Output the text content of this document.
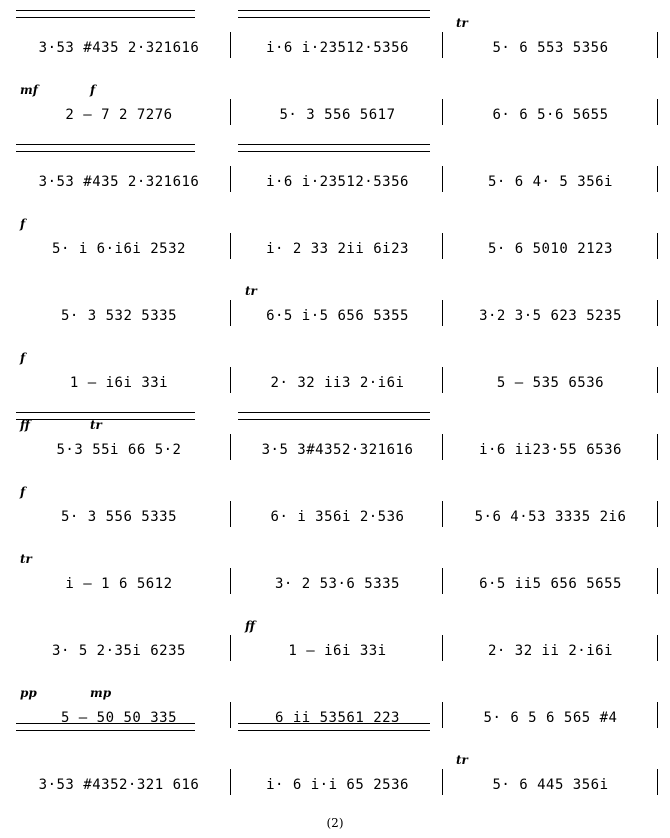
3·53 #435 2·321616	i·6 i·23512·5356	5· 6 553 5356
tr
2 – 7 2 7276	5· 3 556 5617	6· 6 5·6 5655
mf	f
3·53 #435 2·321616	i·6 i·23512·5356	5· 6 4· 5 356i
5· i 6·i6i 2532	i· 2 33 2ii 6i23	5· 6 5010 2123
f
5· 3 532 5335	6·5 i·5 656 5355	3·2 3·5 623 5235
tr
1 – i6i 33i	2· 32 ii3 2·i6i	5 – 535 6536
f
5·3 55i 66 5·2	3·5 3#4352·321616	i·6 ii23·55 6536
ff	tr
5· 3 556 5335	6· i 356i 2·536	5·6 4·53 3335 2i6
f
i – 1 6 5612	3· 2 53·6 5335	6·5 ii5 656 5655
tr
3· 5 2·35i 6235	1 – i6i 33i	2· 32 ii 2·i6i
ff
5 – 50 50 335	6 ii 53561 223	5· 6 5 6 565 #4
pp	mp
3·53 #4352·321 616	i· 6 i·i 65 2536	5· 6 445 356i
tr
(2)
